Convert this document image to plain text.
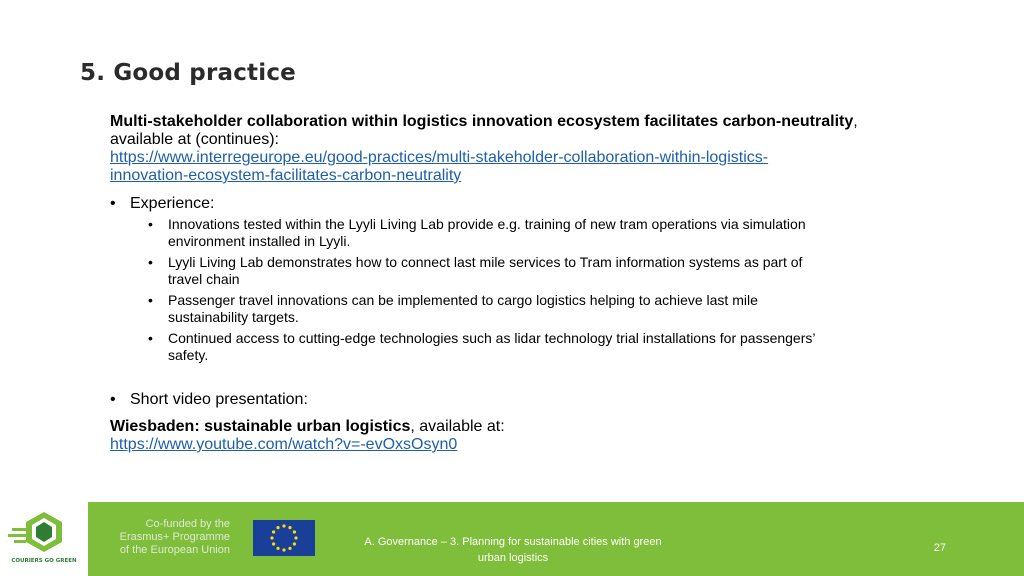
5. Good practice
Multi-stakeholder collaboration within logistics innovation ecosystem facilitates carbon-neutrality,
available at (continues):
https://www.interregeurope.eu/good-practices/multi-stakeholder-collaboration-within-logistics-
innovation-ecosystem-facilitates-carbon-neutrality
• Experience:
• Innovations tested within the Lyyli Living Lab provide e.g. training of new tram operations via simulation
environment installed in Lyyli.
• Lyyli Living Lab demonstrates how to connect last mile services to Tram information systems as part of
travel chain
• Passenger travel innovations can be implemented to cargo logistics helping to achieve last mile
sustainability targets.
• Continued access to cutting-edge technologies such as lidar technology trial installations for passengers’
safety.
• Short video presentation:
Wiesbaden: sustainable urban logistics, available at:
https://www.youtube.com/watch?v=-evOxsOsyn0
COURIERS GO GREEN
Co-funded by the
Erasmus+ Programme
of the European Union
A. Governance – 3. Planning for sustainable cities with green
urban logistics
27
